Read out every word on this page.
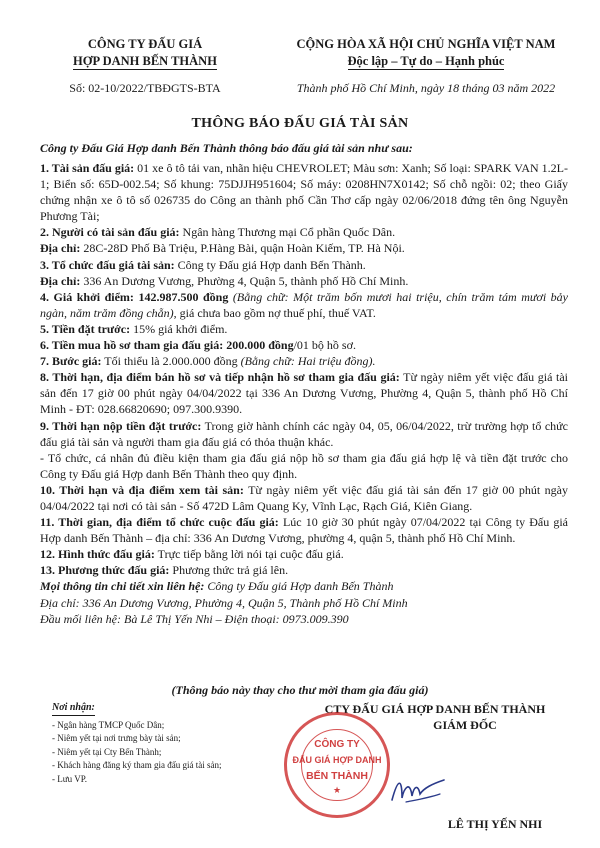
CÔNG TY ĐẤU GIÁ
HỢP DANH BẾN THÀNH
Số: 02-10/2022/TBĐGTS-BTA
CỘNG HÒA XÃ HỘI CHỦ NGHĨA VIỆT NAM
Độc lập – Tự do – Hạnh phúc
Thành phố Hồ Chí Minh, ngày 18 tháng 03 năm 2022
THÔNG BÁO ĐẤU GIÁ TÀI SẢN
Công ty Đấu Giá Hợp danh Bến Thành thông báo đấu giá tài sản như sau:

1. Tài sản đấu giá: 01 xe ô tô tải van, nhãn hiệu CHEVROLET; Màu sơn: Xanh; Số loại: SPARK VAN 1.2L-1; Biển số: 65D-002.54; Số khung: 75DJJH951604; Số máy: 0208HN7X0142; Số chỗ ngồi: 02; theo Giấy chứng nhận xe ô tô số 026735 do Công an thành phố Cần Thơ cấp ngày 02/06/2018 đứng tên ông Nguyễn Phương Tài;

2. Người có tài sản đấu giá: Ngân hàng Thương mại Cổ phần Quốc Dân.

Địa chỉ: 28C-28D Phố Bà Triệu, P.Hàng Bài, quận Hoàn Kiếm, TP. Hà Nội.

3. Tổ chức đấu giá tài sản: Công ty Đấu giá Hợp danh Bến Thành.

Địa chỉ: 336 An Dương Vương, Phường 4, Quận 5, thành phố Hồ Chí Minh.

4. Giá khởi điểm: 142.987.500 đồng (Bằng chữ: Một trăm bốn mươi hai triệu, chín trăm tám mươi bảy ngàn, năm trăm đồng chẵn), giá chưa bao gồm nợ thuế phí, thuế VAT.

5. Tiền đặt trước: 15% giá khởi điểm.

6. Tiền mua hồ sơ tham gia đấu giá: 200.000 đồng/01 bộ hồ sơ.

7. Bước giá: Tối thiểu là 2.000.000 đồng (Bằng chữ: Hai triệu đồng).

8. Thời hạn, địa điểm bán hồ sơ và tiếp nhận hồ sơ tham gia đấu giá: Từ ngày niêm yết việc đấu giá tài sản đến 17 giờ 00 phút ngày 04/04/2022 tại 336 An Dương Vương, Phường 4, Quận 5, thành phố Hồ Chí Minh - ĐT: 028.66820690; 097.300.9390.

9. Thời hạn nộp tiền đặt trước: Trong giờ hành chính các ngày 04, 05, 06/04/2022, trừ trường hợp tổ chức đấu giá tài sản và người tham gia đấu giá có thỏa thuận khác.

- Tổ chức, cá nhân đủ điều kiện tham gia đấu giá nộp hồ sơ tham gia đấu giá hợp lệ và tiền đặt trước cho Công ty Đấu giá Hợp danh Bến Thành theo quy định.

10. Thời hạn và địa điểm xem tài sản: Từ ngày niêm yết việc đấu giá tài sản đến 17 giờ 00 phút ngày 04/04/2022 tại nơi có tài sản - Số 472D Lâm Quang Ky, Vĩnh Lạc, Rạch Giá, Kiên Giang.

11. Thời gian, địa điểm tổ chức cuộc đấu giá: Lúc 10 giờ 30 phút ngày 07/04/2022 tại Công ty Đấu giá Hợp danh Bến Thành – địa chỉ: 336 An Dương Vương, phường 4, quận 5, thành phố Hồ Chí Minh.

12. Hình thức đấu giá: Trực tiếp bằng lời nói tại cuộc đấu giá.

13. Phương thức đấu giá: Phương thức trả giá lên.

Mọi thông tin chi tiết xin liên hệ: Công ty Đấu giá Hợp danh Bến Thành

Địa chỉ: 336 An Dương Vương, Phường 4, Quận 5, Thành phố Hồ Chí Minh

Đầu mối liên hệ: Bà Lê Thị Yến Nhi – Điện thoại: 0973.009.390

(Thông báo này thay cho thư mời tham gia đấu giá)
Nơi nhận:
- Ngân hàng TMCP Quốc Dân;
- Niêm yết tại nơi trưng bày tài sản;
- Niêm yết tại Cty Bến Thành;
- Khách hàng đăng ký tham gia đấu giá tài sản;
- Lưu VP.
CTY ĐẤU GIÁ HỢP DANH BẾN THÀNH
GIÁM ĐỐC
LÊ THỊ YẾN NHI
CÔNG TY
ĐẤU GIÁ HỢP DANH
BẾN THÀNH
★
